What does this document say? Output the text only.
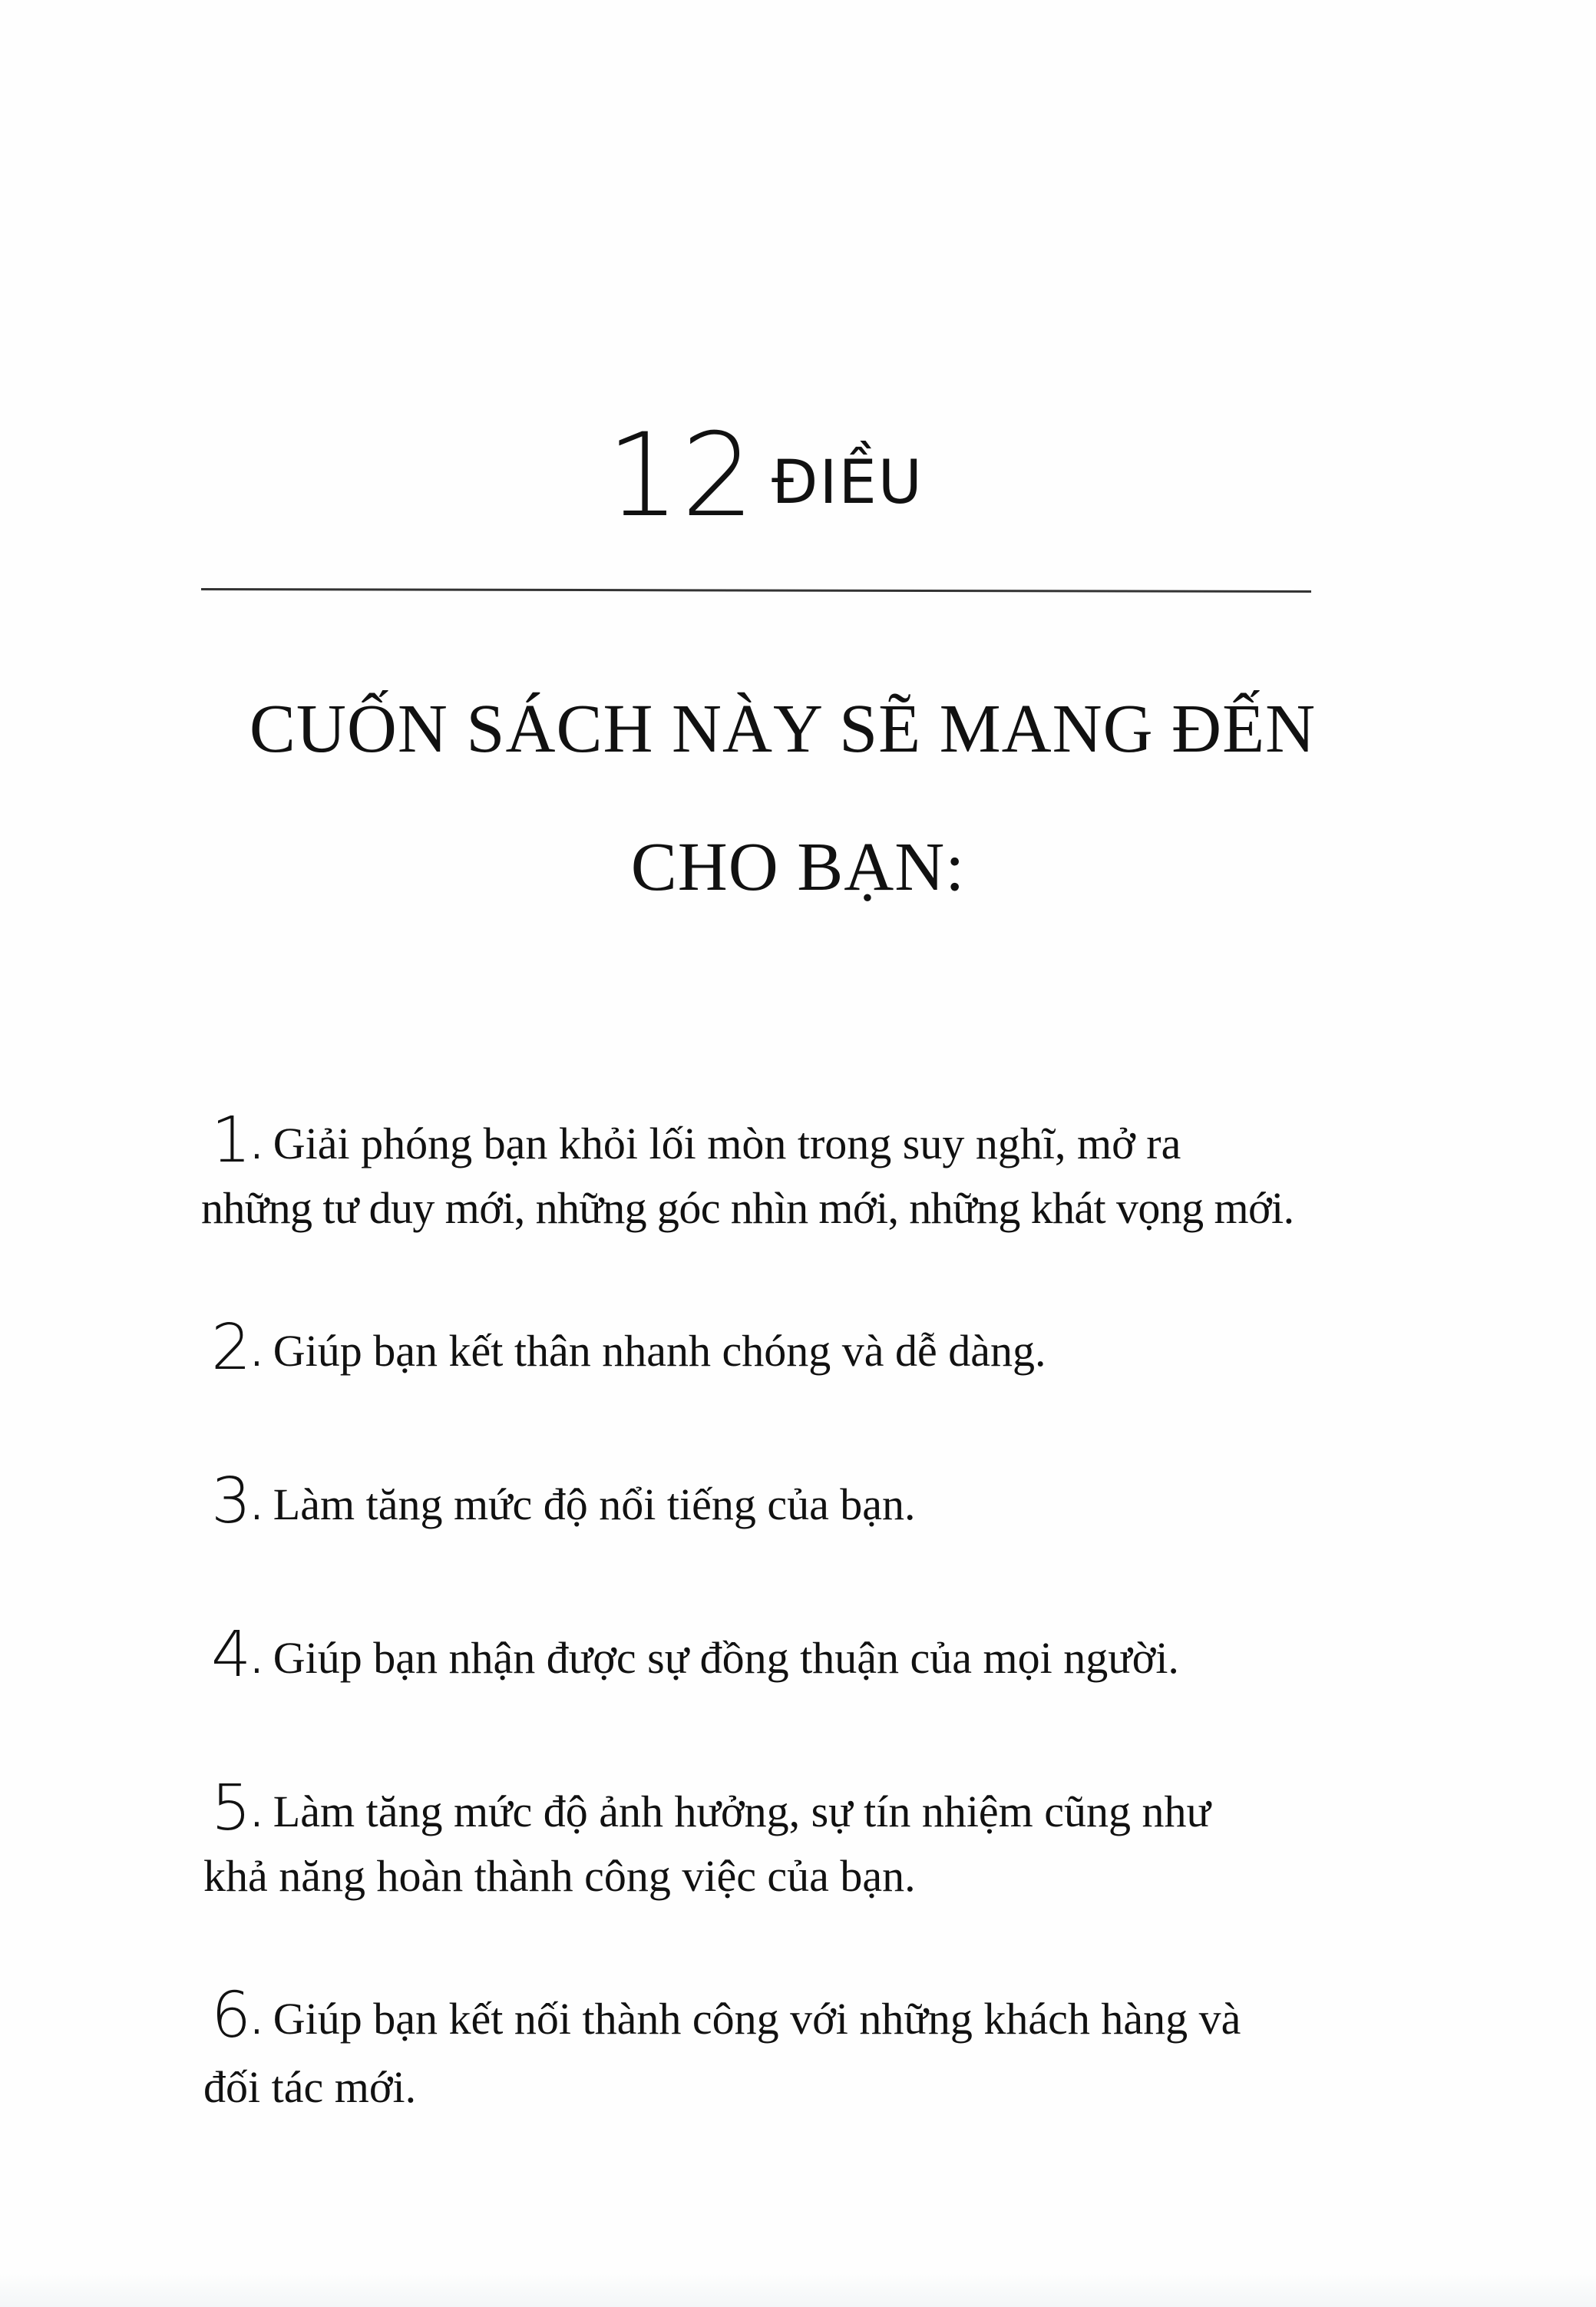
12 ĐIỀU
CUỐN SÁCH NÀY SẼ MANG ĐẾN
CHO BẠN:
1. Giải phóng bạn khỏi lối mòn trong suy nghĩ, mở ra
những tư duy mới, những góc nhìn mới, những khát vọng mới.
2. Giúp bạn kết thân nhanh chóng và dễ dàng.
3. Làm tăng mức độ nổi tiếng của bạn.
4. Giúp bạn nhận được sự đồng thuận của mọi người.
5. Làm tăng mức độ ảnh hưởng, sự tín nhiệm cũng như
khả năng hoàn thành công việc của bạn.
6. Giúp bạn kết nối thành công với những khách hàng và
đối tác mới.
